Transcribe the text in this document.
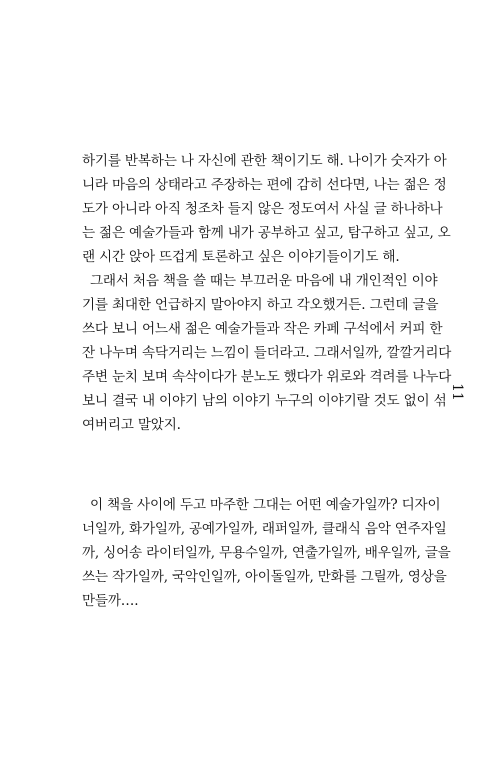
하기를 반복하는 나 자신에 관한 책이기도 해. 나이가 숫자가 아
니라 마음의 상태라고 주장하는 편에 감히 선다면, 나는 젊은 정
도가 아니라 아직 청조차 들지 않은 정도여서 사실 글 하나하나
는 젊은 예술가들과 함께 내가 공부하고 싶고, 탐구하고 싶고, 오
랜 시간 앉아 뜨겁게 토론하고 싶은 이야기들이기도 해.
그래서 처음 책을 쓸 때는 부끄러운 마음에 내 개인적인 이야
기를 최대한 언급하지 말아야지 하고 각오했거든. 그런데 글을
쓰다 보니 어느새 젊은 예술가들과 작은 카페 구석에서 커피 한
잔 나누며 속닥거리는 느낌이 들더라고. 그래서일까, 깔깔거리다
주변 눈치 보며 속삭이다가 분노도 했다가 위로와 격려를 나누다
보니 결국 내 이야기 남의 이야기 누구의 이야기랄 것도 없이 섞
여버리고 말았지.
이 책을 사이에 두고 마주한 그대는 어떤 예술가일까? 디자이
너일까, 화가일까, 공예가일까, 래퍼일까, 클래식 음악 연주자일
까, 싱어송 라이터일까, 무용수일까, 연출가일까, 배우일까, 글을
쓰는 작가일까, 국악인일까, 아이돌일까, 만화를 그릴까, 영상을
만들까….
11
